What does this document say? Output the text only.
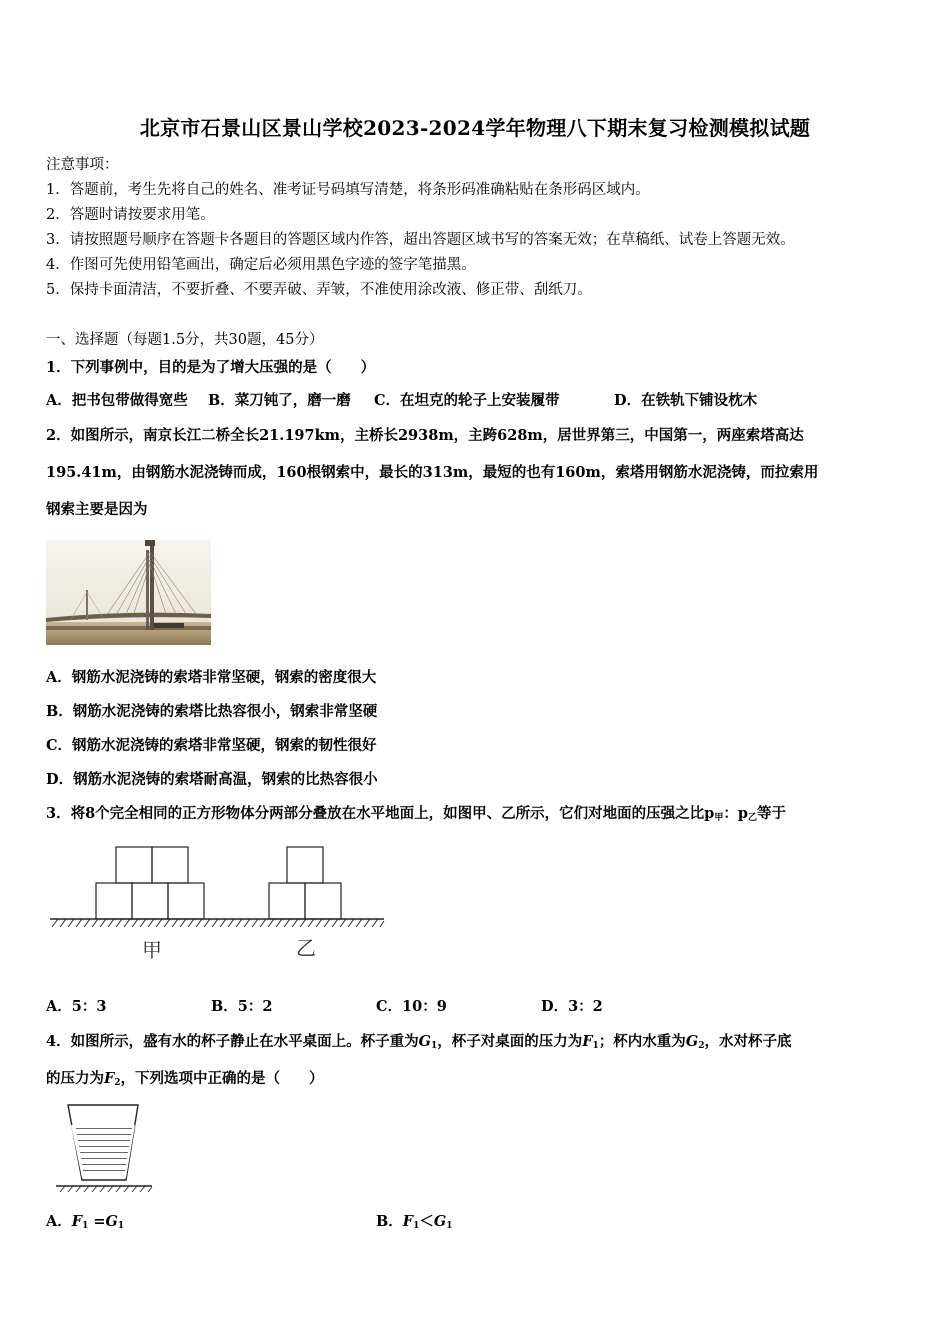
北京市石景山区景山学校2023-2024学年物理八下期末复习检测模拟试题
注意事项：
1．答题前，考生先将自己的姓名、准考证号码填写清楚，将条形码准确粘贴在条形码区域内。
2．答题时请按要求用笔。
3．请按照题号顺序在答题卡各题目的答题区域内作答，超出答题区域书写的答案无效；在草稿纸、试卷上答题无效。
4．作图可先使用铅笔画出，确定后必须用黑色字迹的签字笔描黑。
5．保持卡面清洁，不要折叠、不要弄破、弄皱，不准使用涂改液、修正带、刮纸刀。
一、选择题（每题1.5分，共30题，45分）
1．下列事例中，目的是为了增大压强的是（　　）
A．把书包带做得宽些 B．菜刀钝了，磨一磨 C．在坦克的轮子上安装履带	D．在铁轨下铺设枕木
2．如图所示，南京长江二桥全长21.197km，主桥长2938m，主跨628m，居世界第三，中国第一，两座索塔高达
195.41m，由钢筋水泥浇铸而成，160根钢索中，最长的313m，最短的也有160m，索塔用钢筋水泥浇铸，而拉索用
钢索主要是因为
A．钢筋水泥浇铸的索塔非常坚硬，钢索的密度很大
B．钢筋水泥浇铸的索塔比热容很小，钢索非常坚硬
C．钢筋水泥浇铸的索塔非常坚硬，钢索的韧性很好
D．钢筋水泥浇铸的索塔耐高温，钢索的比热容很小
3．将8个完全相同的正方形物体分两部分叠放在水平地面上，如图甲、乙所示，它们对地面的压强之比$p_甲$：$p_乙$等于
甲	乙
A．5：3	B．5：2	C．10：9	D．3：2
4．如图所示，盛有水的杯子静止在水平桌面上。杯子重为$G_1$，杯子对桌面的压力为$F_1$；杯内水重为$G_2$，水对杯子底
的压力为$F_2$，下列选项中正确的是（　　）
A．$F_1 =G_1$	B．$F_1<G_1$
